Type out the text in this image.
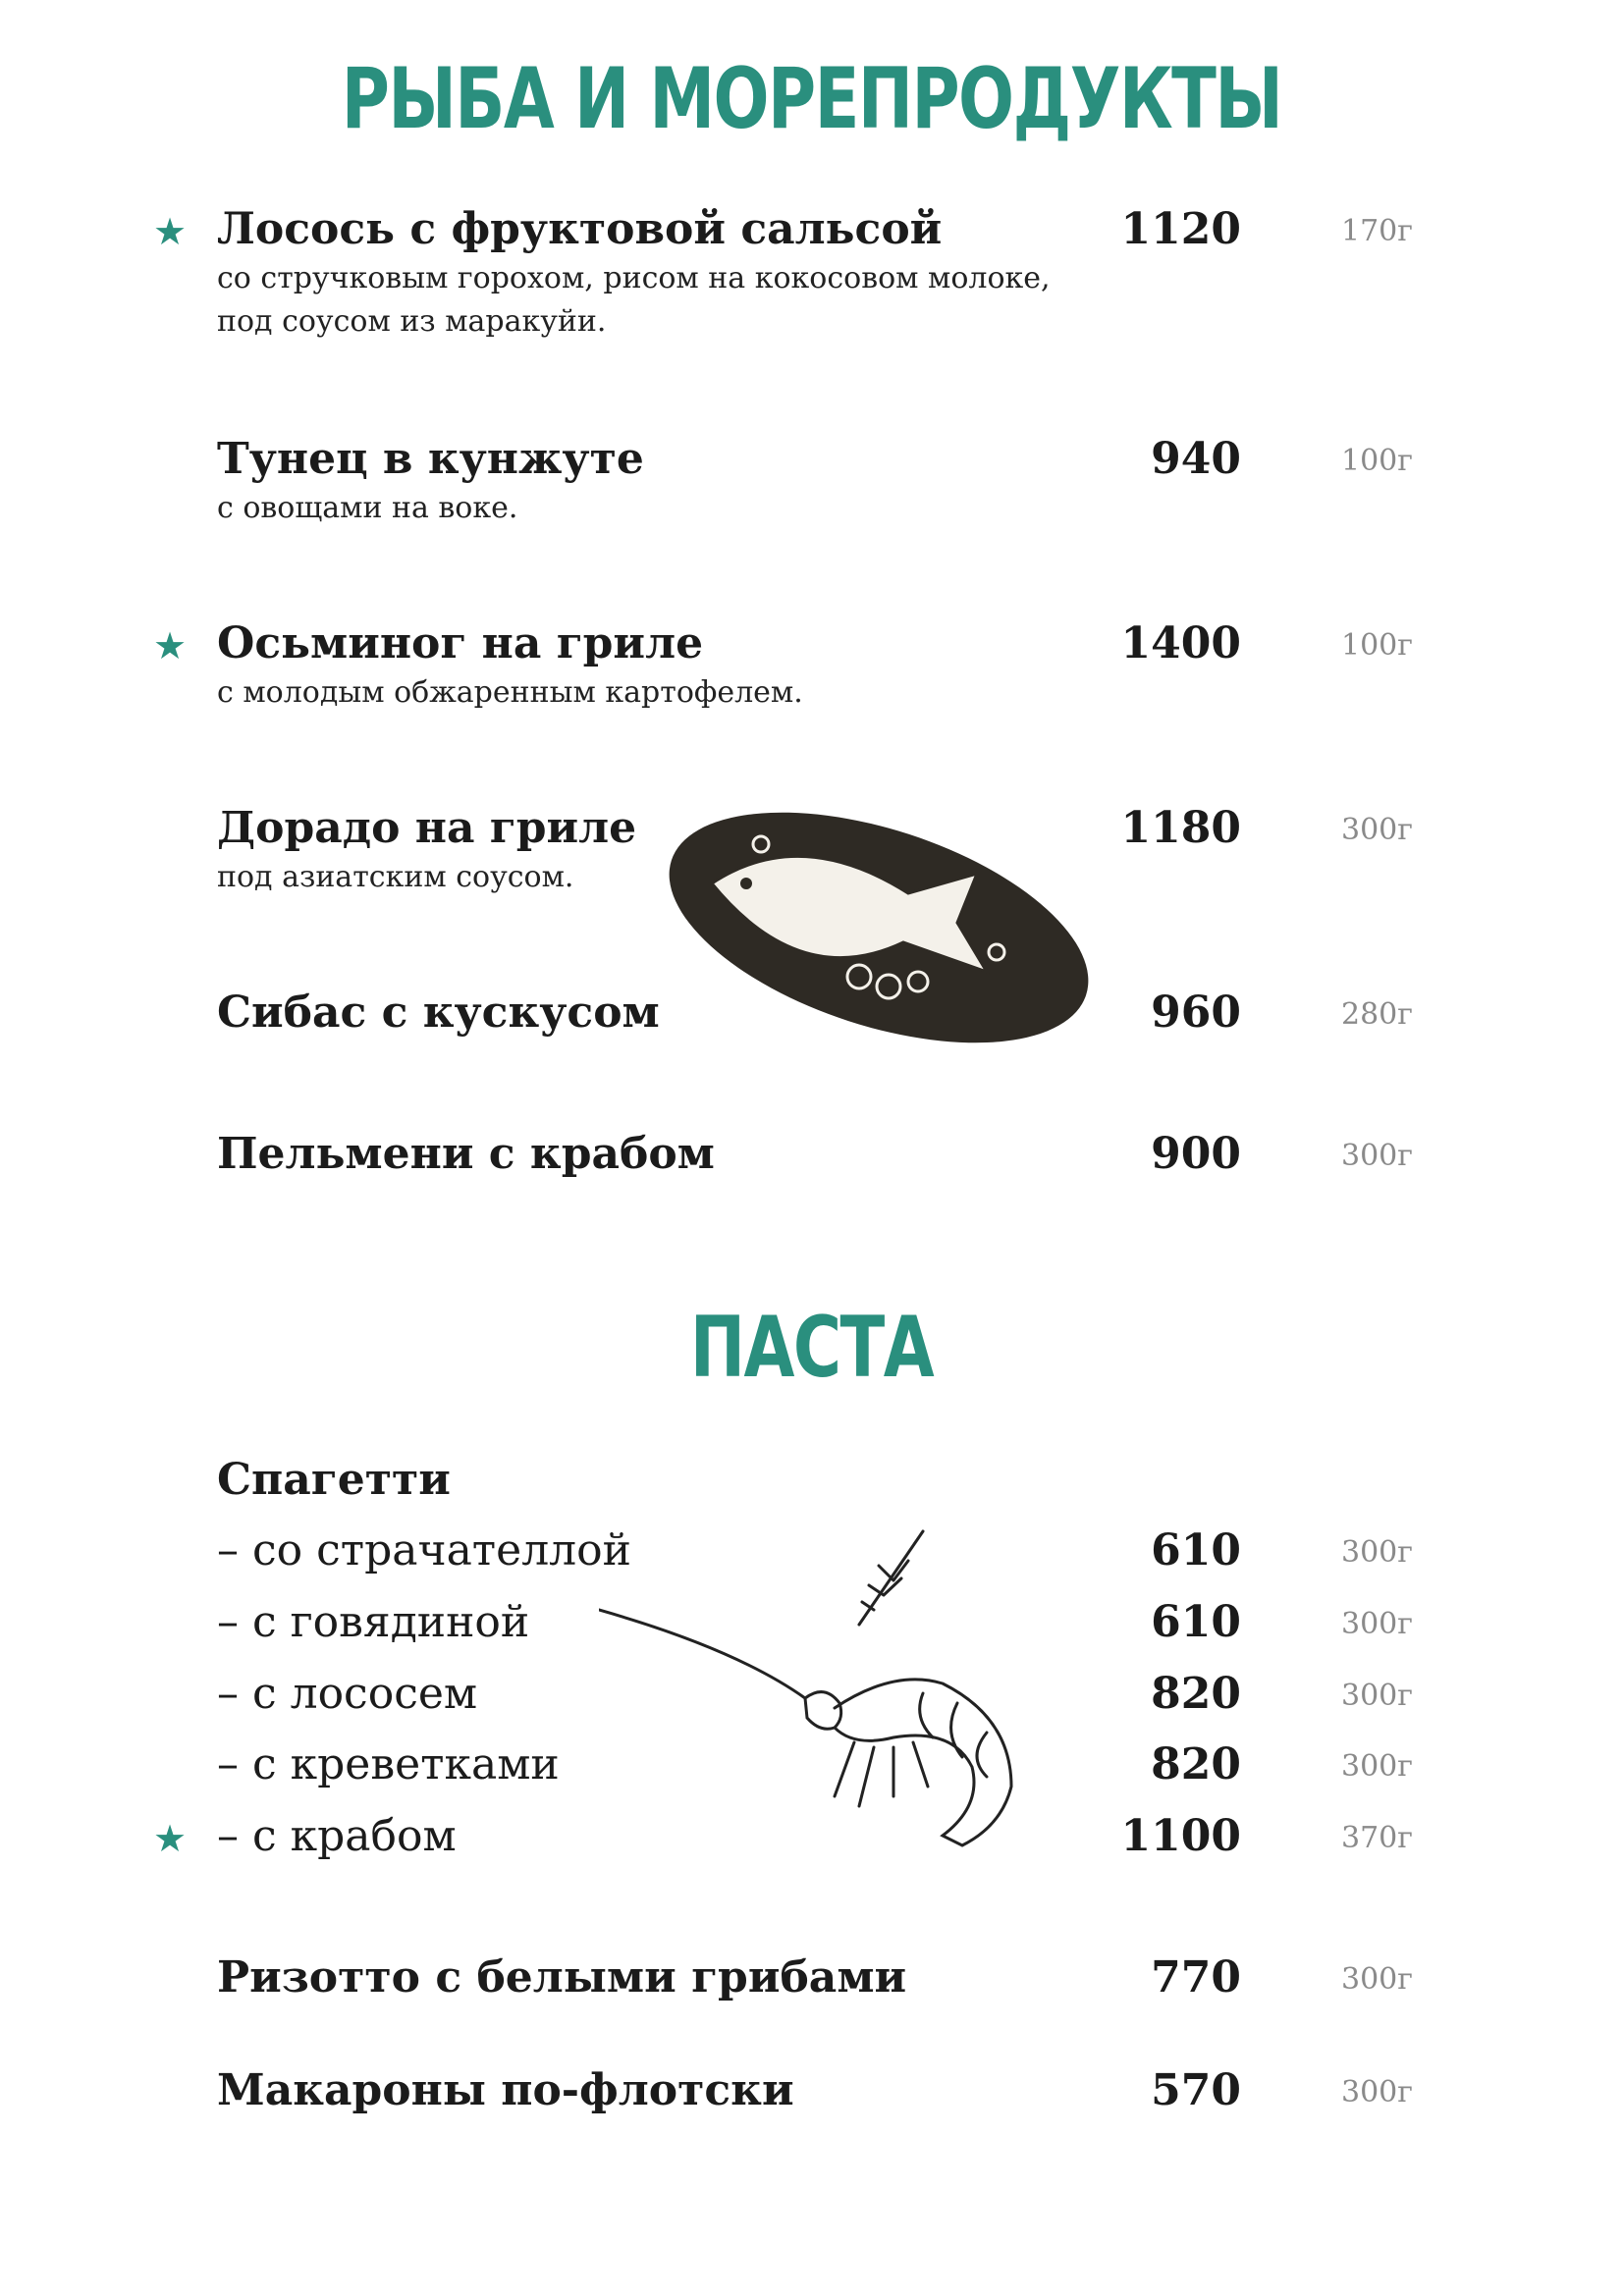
РЫБА И МОРЕПРОДУКТЫ
★ Лосось с фруктовой сальсой	1120	170г
со стручковым горохом, рисом на кокосовом молоке,
под соусом из маракуйи.
Тунец в кунжуте	940	100г
с овощами на воке.
★ Осьминог на гриле	1400	100г
с молодым обжаренным картофелем.
Дорадо на гриле	1180	300г
под азиатским соусом.
Сибас с кускусом	960	280г
Пельмени с крабом	900	300г
ПАСТА
Спагетти
– со страчателлой	610	300г
– с говядиной	610	300г
– с лососем	820	300г
– с креветками	820	300г
★ – с крабом	1100	370г
Ризотто с белыми грибами	770	300г
Макароны по-флотски	570	300г
